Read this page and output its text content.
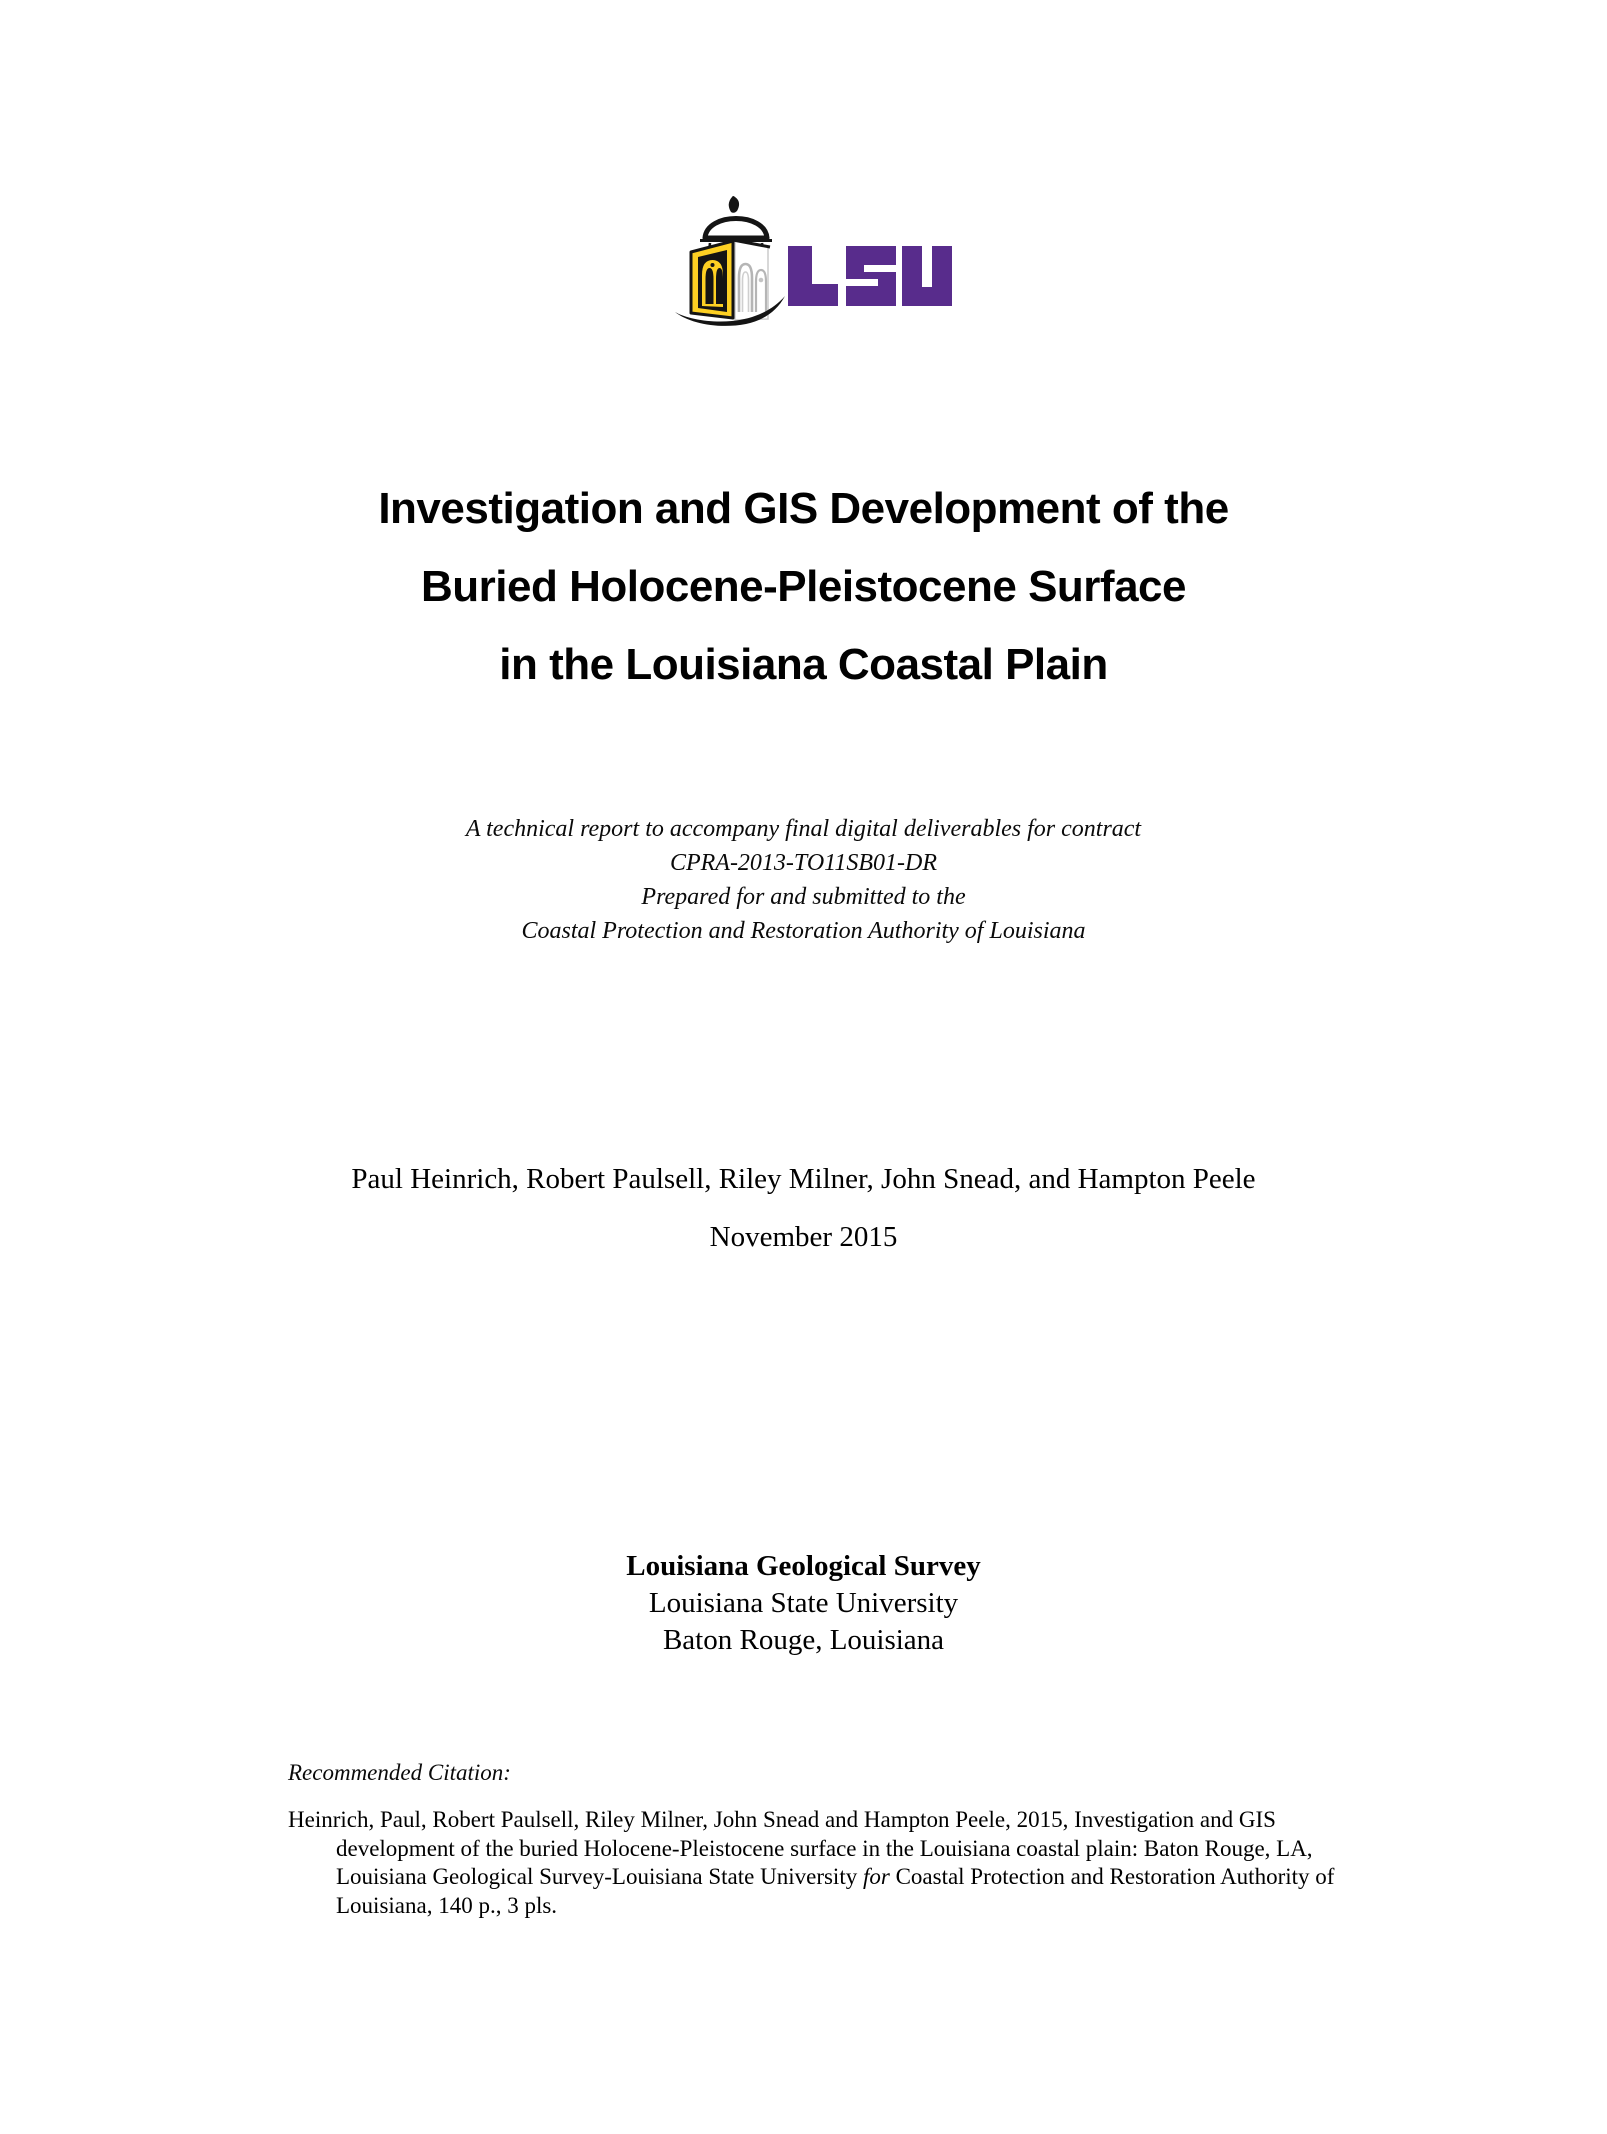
Investigation and GIS Development of the
Buried Holocene-Pleistocene Surface
in the Louisiana Coastal Plain
A technical report to accompany final digital deliverables for contract
CPRA-2013-TO11SB01-DR
Prepared for and submitted to the
Coastal Protection and Restoration Authority of Louisiana
Paul Heinrich, Robert Paulsell, Riley Milner, John Snead, and Hampton Peele
November 2015
Louisiana Geological Survey
Louisiana State University
Baton Rouge, Louisiana
Recommended Citation:
Heinrich, Paul, Robert Paulsell, Riley Milner, John Snead and Hampton Peele, 2015, Investigation and GIS development of the buried Holocene-Pleistocene surface in the Louisiana coastal plain: Baton Rouge, LA, Louisiana Geological Survey-Louisiana State University for Coastal Protection and Restoration Authority of Louisiana, 140 p., 3 pls.
